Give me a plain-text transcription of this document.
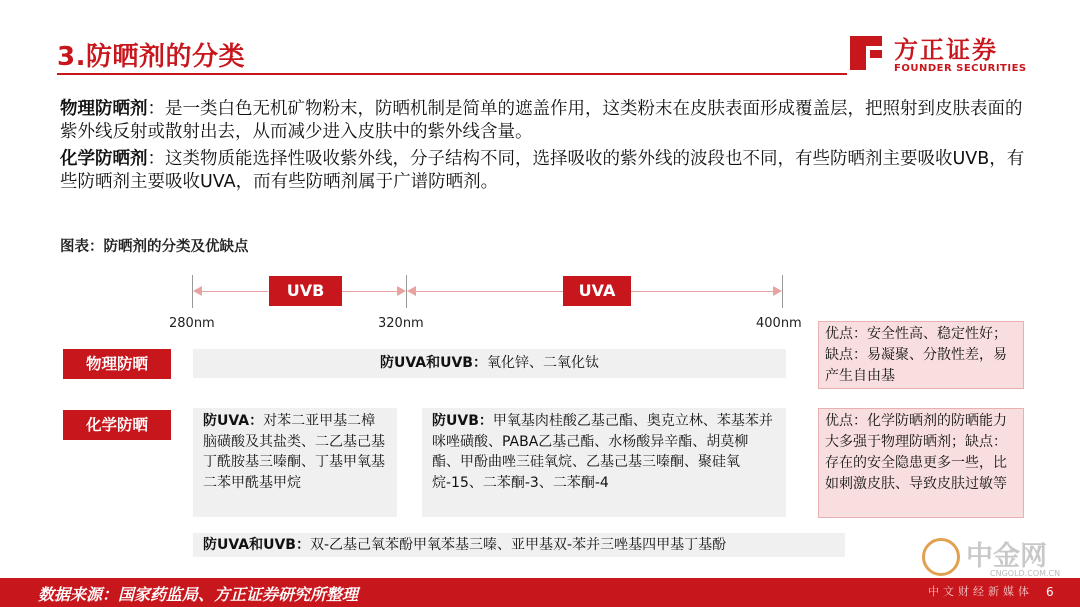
3.防晒剂的分类	方正证券
FOUNDER SECURITIES
物理防晒剂：是一类白色无机矿物粉末，防晒机制是简单的遮盖作用，这类粉末在皮肤表面形成覆盖层，把照射到皮肤表面的紫外线反射或散射出去，从而减少进入皮肤中的紫外线含量。
化学防晒剂：这类物质能选择性吸收紫外线，分子结构不同，选择吸收的紫外线的波段也不同，有些防晒剂主要吸收UVB，有些防晒剂主要吸收UVA，而有些防晒剂属于广谱防晒剂。
图表：防晒剂的分类及优缺点
UVB	UVA
280nm	320nm	400nm
物理防晒	防UVA和UVB：氧化锌、二氧化钛
优点：安全性高、稳定性好；缺点：易凝聚、分散性差，易产生自由基
化学防晒	防UVA：对苯二亚甲基二樟脑磺酸及其盐类、二乙基己基丁酰胺基三嗪酮、丁基甲氧基二苯甲酰基甲烷
防UVB：甲氧基肉桂酸乙基己酯、奥克立林、苯基苯并咪唑磺酸、PABA乙基己酯、水杨酸异辛酯、胡莫柳酯、甲酚曲唑三硅氧烷、乙基己基三嗪酮、聚硅氧烷-15、二苯酮-3、二苯酮-4
优点：化学防晒剂的防晒能力大多强于物理防晒剂；缺点：存在的安全隐患更多一些，比如刺激皮肤、导致皮肤过敏等
防UVA和UVB：双-乙基己氧苯酚甲氧苯基三嗪、亚甲基双-苯并三唑基四甲基丁基酚	中金网
CNGOLD.COM.CN
数据来源：国家药监局、方正证券研究所整理	中文财经新媒体 6
